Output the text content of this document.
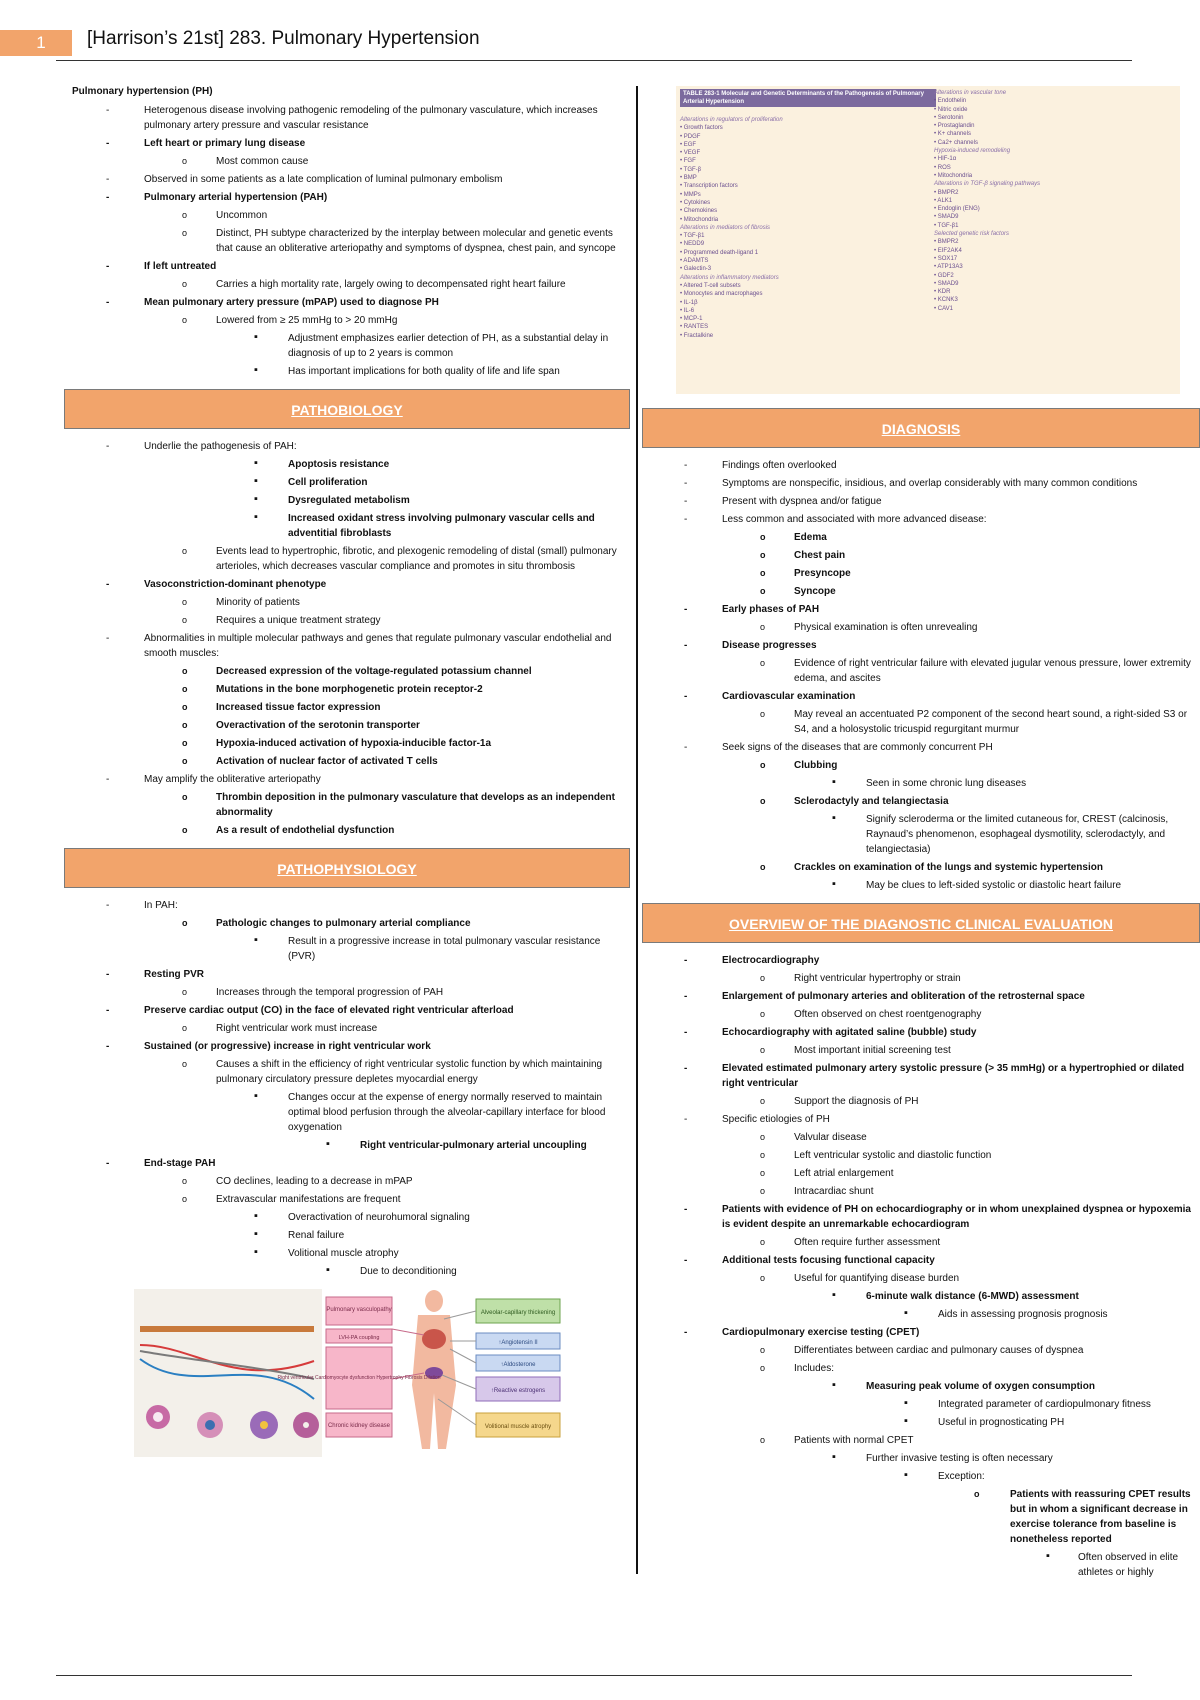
1	[Harrison’s 21st] 283. Pulmonary Hypertension
Pulmonary hypertension (PH)
-	Heterogenous disease involving pathogenic remodeling of the pulmonary vasculature, which increases pulmonary artery pressure and vascular resistance
-	Left heart or primary lung disease
o	Most common cause
-	Observed in some patients as a late complication of luminal pulmonary embolism
-	Pulmonary arterial hypertension (PAH)
o	Uncommon
o	Distinct, PH subtype characterized by the interplay between molecular and genetic events that cause an obliterative arteriopathy and symptoms of dyspnea, chest pain, and syncope
-	If left untreated
o	Carries a high mortality rate, largely owing to decompensated right heart failure
-	Mean pulmonary artery pressure (mPAP) used to diagnose PH
o	Lowered from ≥ 25 mmHg to > 20 mmHg
▪	Adjustment emphasizes earlier detection of PH, as a substantial delay in diagnosis of up to 2 years is common
▪	Has important implications for both quality of life and life span
PATHOBIOLOGY
-	Underlie the pathogenesis of PAH:
▪	Apoptosis resistance
▪	Cell proliferation
▪	Dysregulated metabolism
▪	Increased oxidant stress involving pulmonary vascular cells and adventitial fibroblasts
o	Events lead to hypertrophic, fibrotic, and plexogenic remodeling of distal (small) pulmonary arterioles, which decreases vascular compliance and promotes in situ thrombosis
-	Vasoconstriction-dominant phenotype
o	Minority of patients
o	Requires a unique treatment strategy
-	Abnormalities in multiple molecular pathways and genes that regulate pulmonary vascular endothelial and smooth muscles:
o	Decreased expression of the voltage-regulated potassium channel
o	Mutations in the bone morphogenetic protein receptor-2
o	Increased tissue factor expression
o	Overactivation of the serotonin transporter
o	Hypoxia-induced activation of hypoxia-inducible factor-1a
o	Activation of nuclear factor of activated T cells
-	May amplify the obliterative arteriopathy
o	Thrombin deposition in the pulmonary vasculature that develops as an independent abnormality
o	As a result of endothelial dysfunction
PATHOPHYSIOLOGY
-	In PAH:
o	Pathologic changes to pulmonary arterial compliance
▪	Result in a progressive increase in total pulmonary vascular resistance (PVR)
-	Resting PVR
o	Increases through the temporal progression of PAH
-	Preserve cardiac output (CO) in the face of elevated right ventricular afterload
o	Right ventricular work must increase
-	Sustained (or progressive) increase in right ventricular work
o	Causes a shift in the efficiency of right ventricular systolic function by which maintaining pulmonary circulatory pressure depletes myocardial energy
▪	Changes occur at the expense of energy normally reserved to maintain optimal blood perfusion through the alveolar-capillary interface for blood oxygenation
▪	Right ventricular-pulmonary arterial uncoupling
-	End-stage PAH
o	CO declines, leading to a decrease in mPAP
o	Extravascular manifestations are frequent
▪	Overactivation of neurohumoral signaling
▪	Renal failure
▪	Volitional muscle atrophy
▪	Due to deconditioning
Pulmonary vasculopathy
LVH-PA coupling
Right ventricular Cardiomyocyte dysfunction Hypertrophy Fibrosis Dilation
Chronic kidney disease
Alveolar-capillary thickening
↑Angiotensin II
↑Aldosterone
↑Reactive estrogens
Volitional muscle atrophy
TABLE 283-1 Molecular and Genetic Determinants of the Pathogenesis of Pulmonary Arterial Hypertension
Alterations in regulators of proliferation
• Growth factors
• PDGF
• EGF
• VEGF
• FGF
• TGF-β
• BMP
• Transcription factors
• MMPs
• Cytokines
• Chemokines
• Mitochondria
Alterations in mediators of fibrosis
• TGF-β1
• NEDD9
• Programmed death-ligand 1
• ADAMTS
• Galectin-3
Alterations in inflammatory mediators
• Altered T-cell subsets
• Monocytes and macrophages
• IL-1β
• IL-6
• MCP-1
• RANTES
• Fractalkine
Alterations in vascular tone
• Endothelin
• Nitric oxide
• Serotonin
• Prostaglandin
• K+ channels
• Ca2+ channels
Hypoxia-induced remodeling
• HIF-1α
• ROS
• Mitochondria
Alterations in TGF-β signaling pathways
• BMPR2
• ALK1
• Endoglin (ENG)
• SMAD9
• TGF-β1
Selected genetic risk factors
• BMPR2
• EIF2AK4
• SOX17
• ATP13A3
• GDF2
• SMAD9
• KDR
• KCNK3
• CAV1
DIAGNOSIS
-	Findings often overlooked
-	Symptoms are nonspecific, insidious, and overlap considerably with many common conditions
-	Present with dyspnea and/or fatigue
-	Less common and associated with more advanced disease:
o	Edema
o	Chest pain
o	Presyncope
o	Syncope
-	Early phases of PAH
o	Physical examination is often unrevealing
-	Disease progresses
o	Evidence of right ventricular failure with elevated jugular venous pressure, lower extremity edema, and ascites
-	Cardiovascular examination
o	May reveal an accentuated P2 component of the second heart sound, a right-sided S3 or S4, and a holosystolic tricuspid regurgitant murmur
-	Seek signs of the diseases that are commonly concurrent PH
o	Clubbing
▪	Seen in some chronic lung diseases
o	Sclerodactyly and telangiectasia
▪	Signify scleroderma or the limited cutaneous for, CREST (calcinosis, Raynaud’s phenomenon, esophageal dysmotility, sclerodactyly, and telangiectasia)
o	Crackles on examination of the lungs and systemic hypertension
▪	May be clues to left-sided systolic or diastolic heart failure
OVERVIEW OF THE DIAGNOSTIC CLINICAL EVALUATION
-	Electrocardiography
o	Right ventricular hypertrophy or strain
-	Enlargement of pulmonary arteries and obliteration of the retrosternal space
o	Often observed on chest roentgenography
-	Echocardiography with agitated saline (bubble) study
o	Most important initial screening test
-	Elevated estimated pulmonary artery systolic pressure (> 35 mmHg) or a hypertrophied or dilated right ventricular
o	Support the diagnosis of PH
-	Specific etiologies of PH
o	Valvular disease
o	Left ventricular systolic and diastolic function
o	Left atrial enlargement
o	Intracardiac shunt
-	Patients with evidence of PH on echocardiography or in whom unexplained dyspnea or hypoxemia is evident despite an unremarkable echocardiogram
o	Often require further assessment
-	Additional tests focusing functional capacity
o	Useful for quantifying disease burden
▪	6-minute walk distance (6-MWD) assessment
▪	Aids in assessing prognosis prognosis
-	Cardiopulmonary exercise testing (CPET)
o	Differentiates between cardiac and pulmonary causes of dyspnea
o	Includes:
▪	Measuring peak volume of oxygen consumption
▪	Integrated parameter of cardiopulmonary fitness
▪	Useful in prognosticating PH
o	Patients with normal CPET
▪	Further invasive testing is often necessary
▪	Exception:
o	Patients with reassuring CPET results but in whom a significant decrease in exercise tolerance from baseline is nonetheless reported
▪	Often observed in elite athletes or highly
